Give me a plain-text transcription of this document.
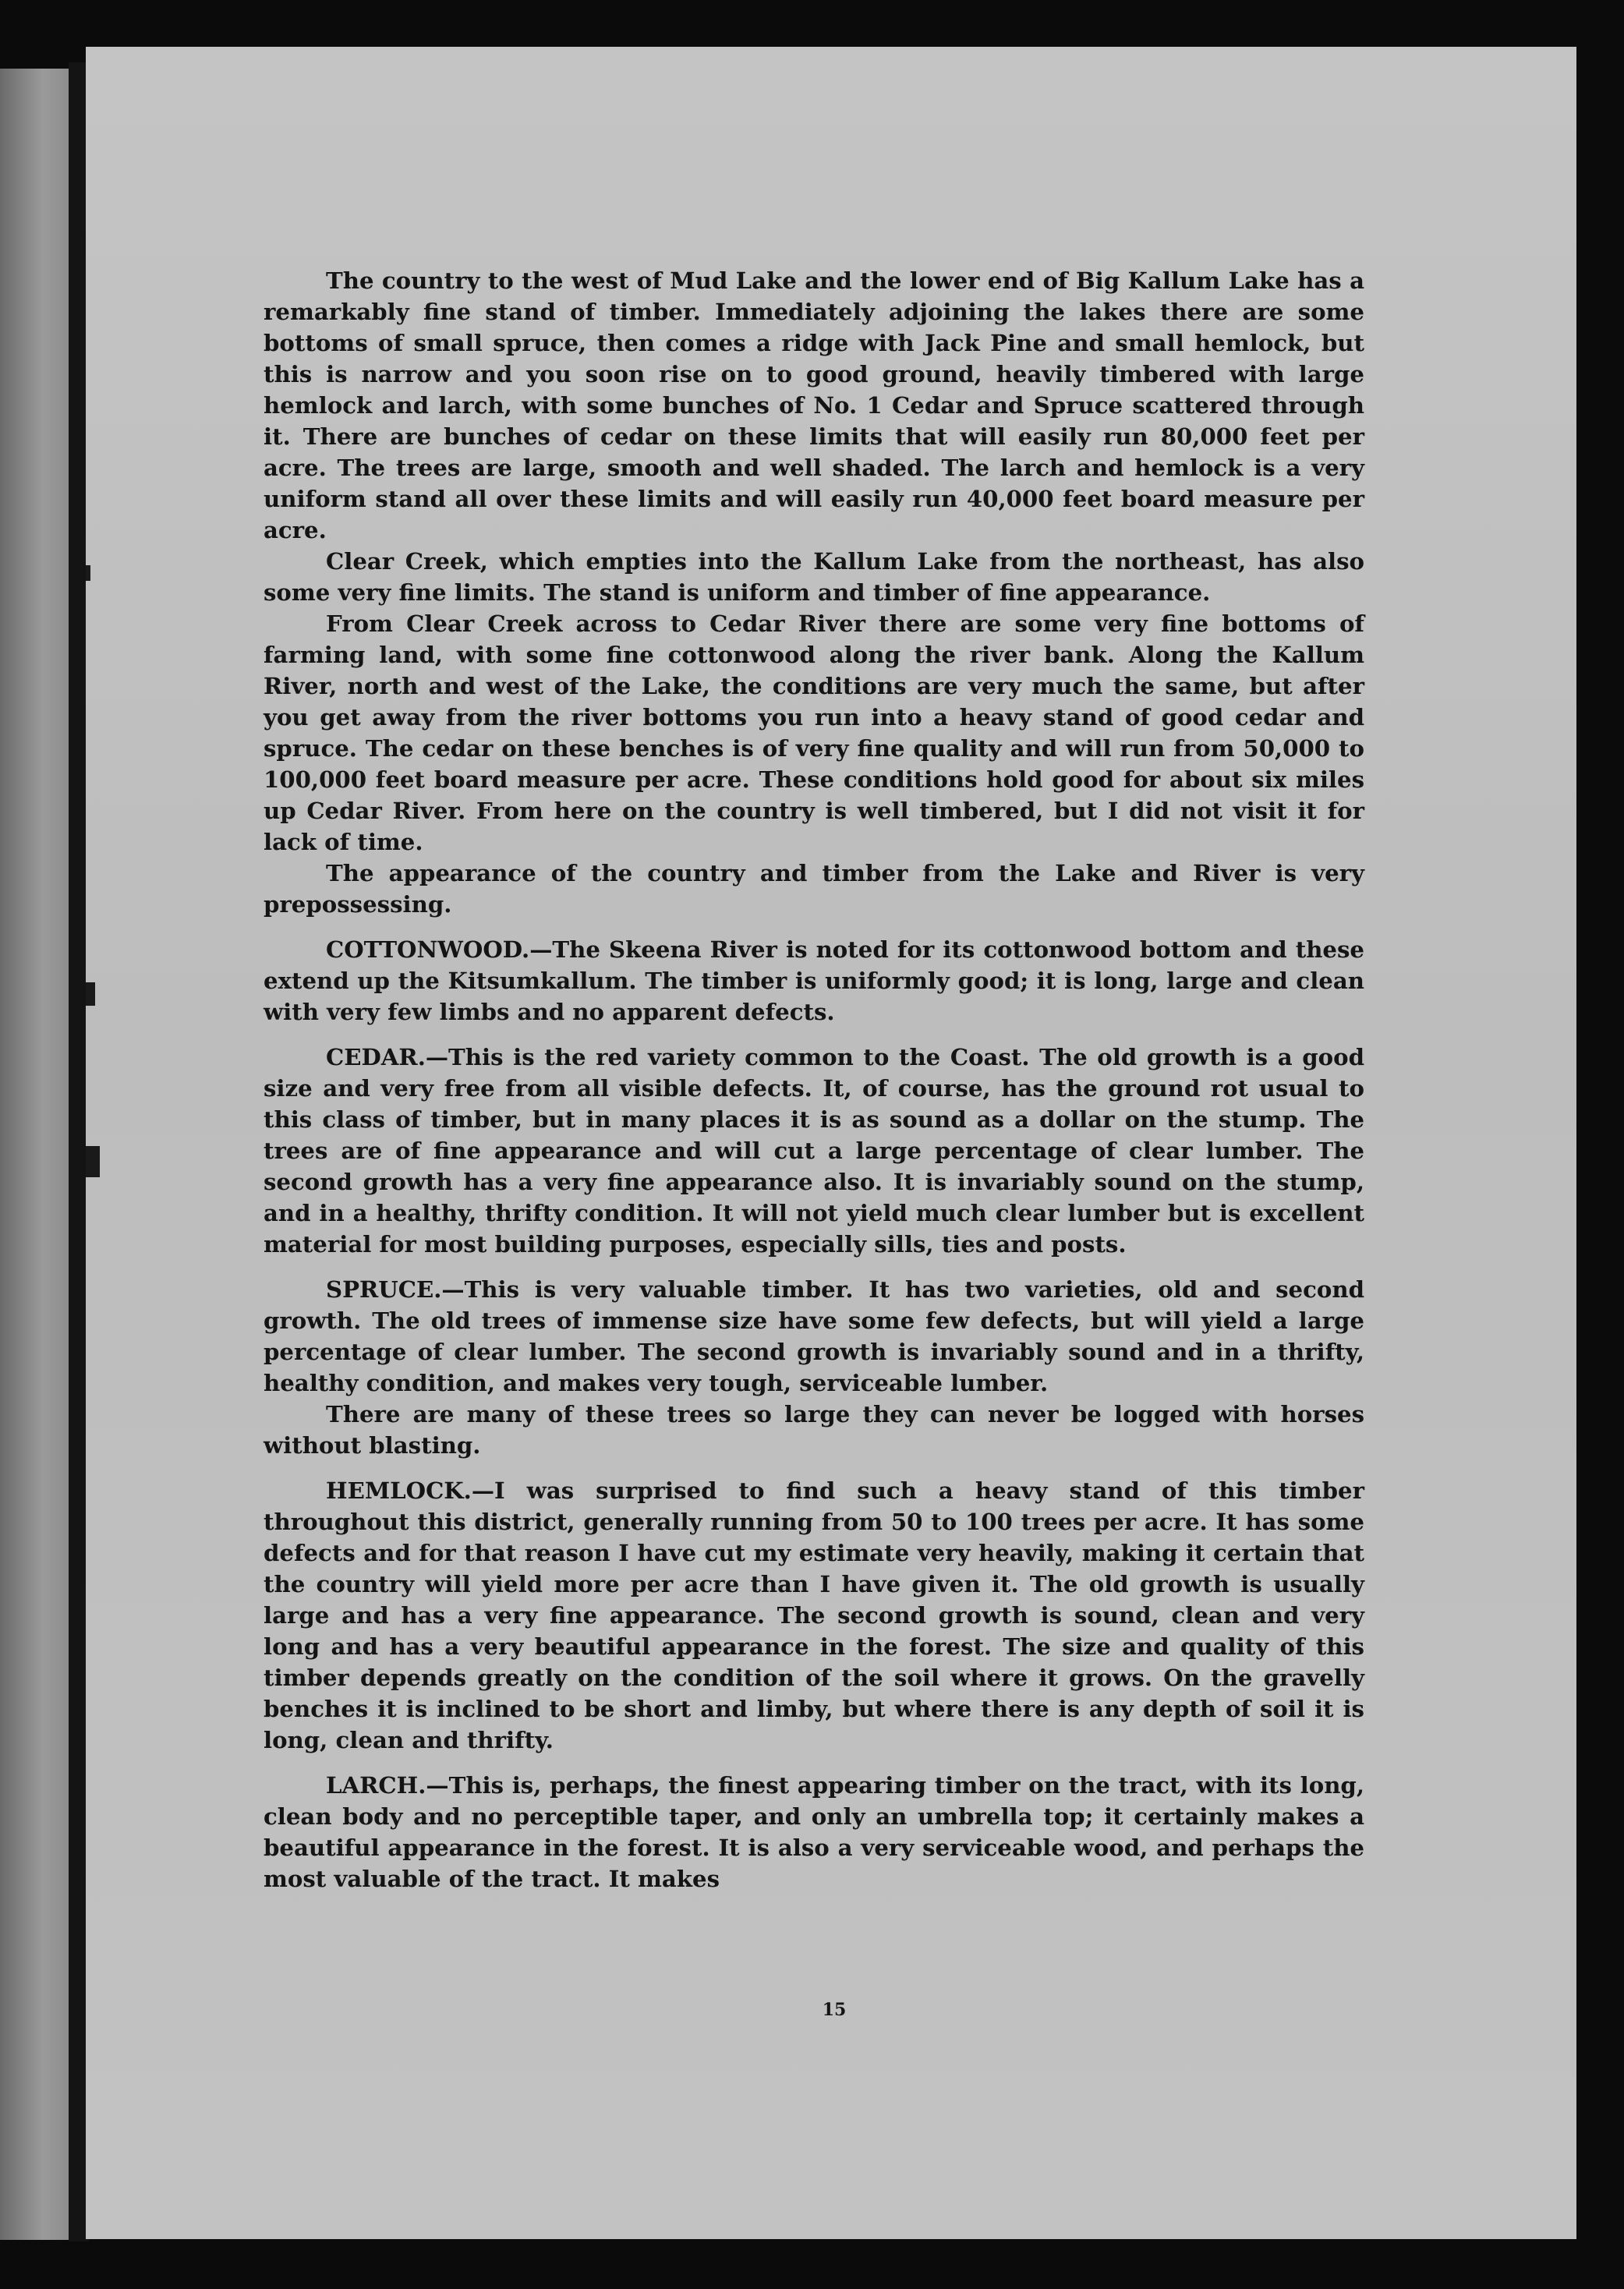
The country to the west of Mud Lake and the lower end of Big Kallum Lake has a remarkably fine stand of timber. Immediately adjoining the lakes there are some bottoms of small spruce, then comes a ridge with Jack Pine and small hemlock, but this is narrow and you soon rise on to good ground, heavily timbered with large hemlock and larch, with some bunches of No. 1 Cedar and Spruce scattered through it. There are bunches of cedar on these limits that will easily run 80,000 feet per acre. The trees are large, smooth and well shaded. The larch and hemlock is a very uniform stand all over these limits and will easily run 40,000 feet board measure per acre.

Clear Creek, which empties into the Kallum Lake from the northeast, has also some very fine limits. The stand is uniform and timber of fine appearance.

From Clear Creek across to Cedar River there are some very fine bottoms of farming land, with some fine cottonwood along the river bank. Along the Kallum River, north and west of the Lake, the conditions are very much the same, but after you get away from the river bottoms you run into a heavy stand of good cedar and spruce. The cedar on these benches is of very fine quality and will run from 50,000 to 100,000 feet board measure per acre. These conditions hold good for about six miles up Cedar River. From here on the country is well timbered, but I did not visit it for lack of time.

The appearance of the country and timber from the Lake and River is very prepossessing.

COTTONWOOD.—The Skeena River is noted for its cottonwood bottom and these extend up the Kitsumkallum. The timber is uniformly good; it is long, large and clean with very few limbs and no apparent defects.

CEDAR.—This is the red variety common to the Coast. The old growth is a good size and very free from all visible defects. It, of course, has the ground rot usual to this class of timber, but in many places it is as sound as a dollar on the stump. The trees are of fine appearance and will cut a large percentage of clear lumber. The second growth has a very fine appearance also. It is invariably sound on the stump, and in a healthy, thrifty condition. It will not yield much clear lumber but is excellent material for most building purposes, especially sills, ties and posts.

SPRUCE.—This is very valuable timber. It has two varieties, old and second growth. The old trees of immense size have some few defects, but will yield a large percentage of clear lumber. The second growth is invariably sound and in a thrifty, healthy condition, and makes very tough, serviceable lumber.

There are many of these trees so large they can never be logged with horses without blasting.

HEMLOCK.—I was surprised to find such a heavy stand of this timber throughout this district, generally running from 50 to 100 trees per acre. It has some defects and for that reason I have cut my estimate very heavily, making it certain that the country will yield more per acre than I have given it. The old growth is usually large and has a very fine appearance. The second growth is sound, clean and very long and has a very beautiful appearance in the forest. The size and quality of this timber depends greatly on the condition of the soil where it grows. On the gravelly benches it is inclined to be short and limby, but where there is any depth of soil it is long, clean and thrifty.

LARCH.—This is, perhaps, the finest appearing timber on the tract, with its long, clean body and no perceptible taper, and only an umbrella top; it certainly makes a beautiful appearance in the forest. It is also a very serviceable wood, and perhaps the most valuable of the tract. It makes

15
